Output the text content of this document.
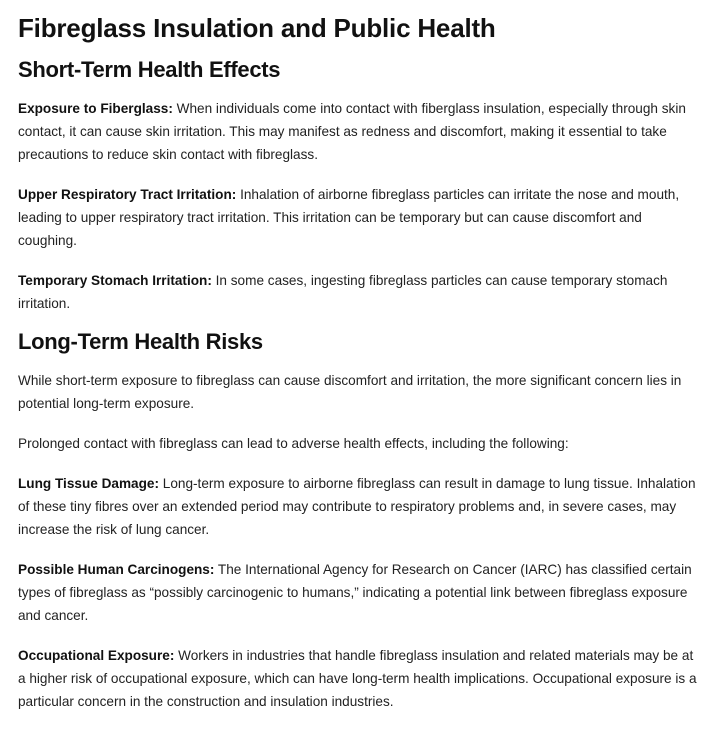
Fibreglass Insulation and Public Health
Short-Term Health Effects

Exposure to Fiberglass: When individuals come into contact with fiberglass insulation, especially through skin contact, it can cause skin irritation. This may manifest as redness and discomfort, making it essential to take precautions to reduce skin contact with fibreglass.

Upper Respiratory Tract Irritation: Inhalation of airborne fibreglass particles can irritate the nose and mouth, leading to upper respiratory tract irritation. This irritation can be temporary but can cause discomfort and coughing.

Temporary Stomach Irritation: In some cases, ingesting fibreglass particles can cause temporary stomach irritation.

Long-Term Health Risks

While short-term exposure to fibreglass can cause discomfort and irritation, the more significant concern lies in potential long-term exposure.

Prolonged contact with fibreglass can lead to adverse health effects, including the following:

Lung Tissue Damage: Long-term exposure to airborne fibreglass can result in damage to lung tissue. Inhalation of these tiny fibres over an extended period may contribute to respiratory problems and, in severe cases, may increase the risk of lung cancer.

Possible Human Carcinogens: The International Agency for Research on Cancer (IARC) has classified certain types of fibreglass as “possibly carcinogenic to humans,” indicating a potential link between fibreglass exposure and cancer.

Occupational Exposure: Workers in industries that handle fibreglass insulation and related materials may be at a higher risk of occupational exposure, which can have long-term health implications. Occupational exposure is a particular concern in the construction and insulation industries.
